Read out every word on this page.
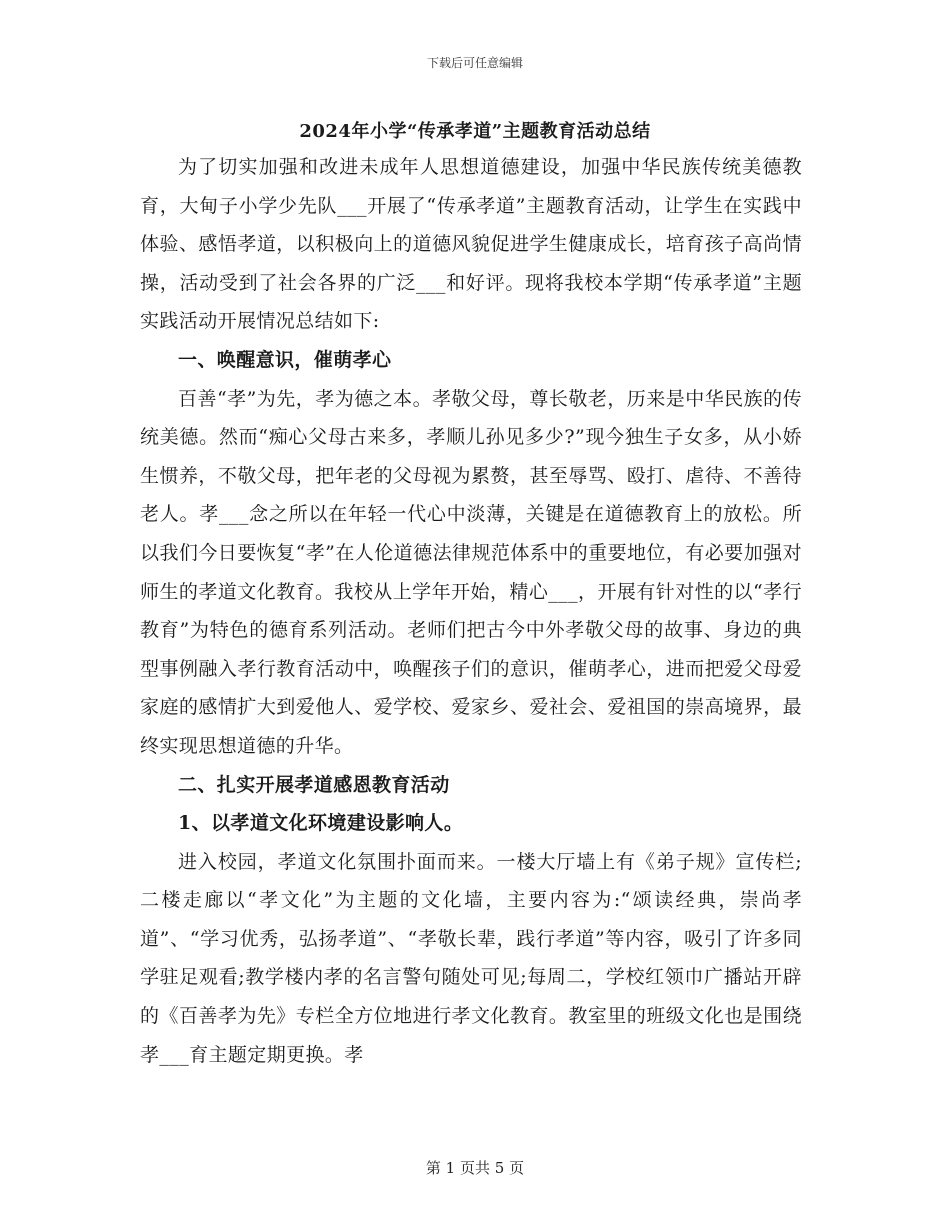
下载后可任意编辑
2024年小学“传承孝道”主题教育活动总结

为了切实加强和改进未成年人思想道德建设，加强中华民族传统美德教育，大甸子小学少先队___开展了“传承孝道”主题教育活动，让学生在实践中体验、感悟孝道，以积极向上的道德风貌促进学生健康成长，培育孩子高尚情操，活动受到了社会各界的广泛___和好评。现将我校本学期“传承孝道”主题实践活动开展情况总结如下:

一、唤醒意识，催萌孝心

百善“孝”为先，孝为德之本。孝敬父母，尊长敬老，历来是中华民族的传统美德。然而“痴心父母古来多，孝顺儿孙见多少?”现今独生子女多，从小娇生惯养，不敬父母，把年老的父母视为累赘，甚至辱骂、殴打、虐待、不善待老人。孝___念之所以在年轻一代心中淡薄，关键是在道德教育上的放松。所以我们今日要恢复“孝”在人伦道德法律规范体系中的重要地位，有必要加强对师生的孝道文化教育。我校从上学年开始，精心___，开展有针对性的以“孝行教育”为特色的德育系列活动。老师们把古今中外孝敬父母的故事、身边的典型事例融入孝行教育活动中，唤醒孩子们的意识，催萌孝心，进而把爱父母爱家庭的感情扩大到爱他人、爱学校、爱家乡、爱社会、爱祖国的崇高境界，最终实现思想道德的升华。

二、扎实开展孝道感恩教育活动

1、以孝道文化环境建设影响人。

进入校园，孝道文化氛围扑面而来。一楼大厅墙上有《弟子规》宣传栏;二楼走廊以“孝文化”为主题的文化墙，主要内容为:“颂读经典，崇尚孝道”、“学习优秀，弘扬孝道”、“孝敬长辈，践行孝道”等内容，吸引了许多同学驻足观看;教学楼内孝的名言警句随处可见;每周二，学校红领巾广播站开辟的《百善孝为先》专栏全方位地进行孝文化教育。教室里的班级文化也是围绕孝___育主题定期更换。孝

第 1 页共 5 页
